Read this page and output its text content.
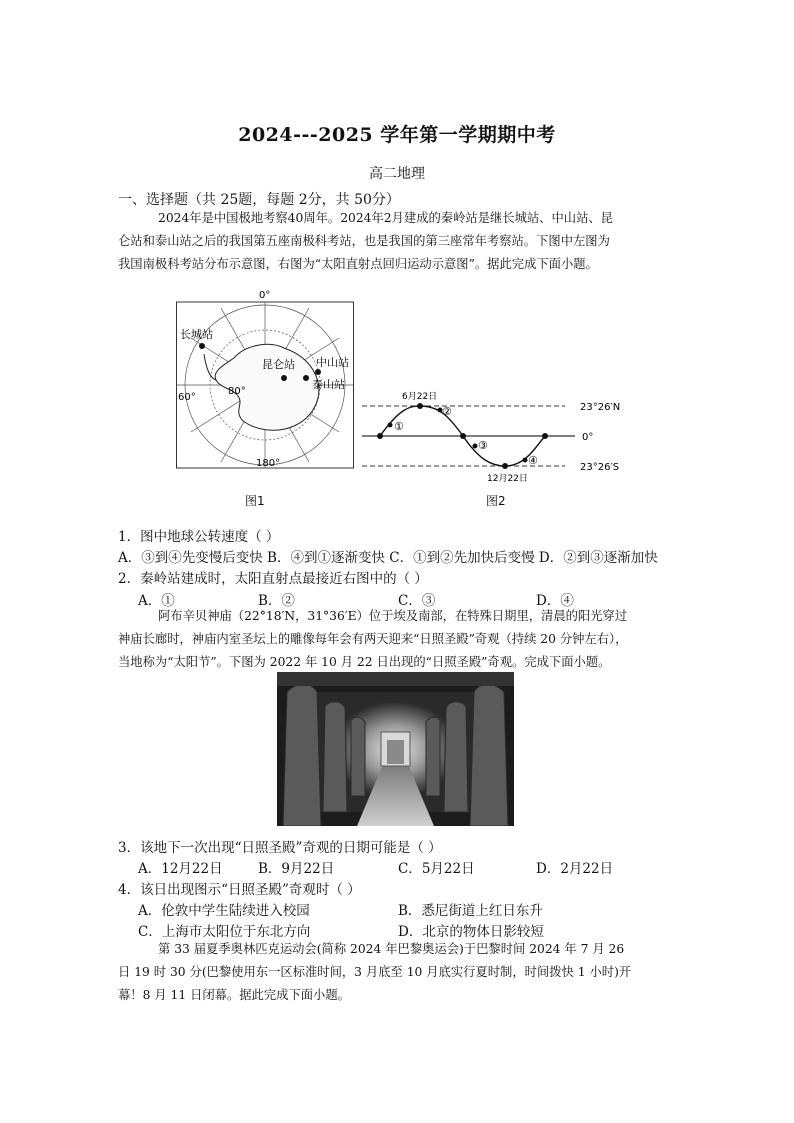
2024---2025 学年第一学期期中考
高二地理
一、选择题（共 25题，每题 2分，共 50分）
2024年是中国极地考察40周年。2024年2月建成的秦岭站是继长城站、中山站、昆
仑站和泰山站之后的我国第五座南极科考站，也是我国的第三座常年考察站。下图中左图为
我国南极科考站分布示意图，右图为“太阳直射点回归运动示意图”。据此完成下面小题。
0°
80°
60°
180°
长城站
昆仑站 中山站
泰山站
图1
6月22日
12月22日
23°26′N
0°
23°26′S
①
②
③
④
图2
1．图中地球公转速度（ ）
A．③到④先变慢后变快 B．④到①逐渐变快 C．①到②先加快后变慢 D．②到③逐渐加快
2．秦岭站建成时，太阳直射点最接近右图中的（ ）
A．①	B．②	C．③	D．④
阿布辛贝神庙（22°18′N，31°36′E）位于埃及南部，在特殊日期里，清晨的阳光穿过
神庙长廊时，神庙内室圣坛上的雕像每年会有两天迎来“日照圣殿”奇观（持续 20 分钟左右），
当地称为“太阳节”。下图为 2022 年 10 月 22 日出现的“日照圣殿”奇观。完成下面小题。
3．该地下一次出现“日照圣殿”奇观的日期可能是（ ）
A．12月22日	B．9月22日	C．5月22日	D．2月22日
4．该日出现图示“日照圣殿”奇观时（ ）
A．伦敦中学生陆续进入校园	B．悉尼街道上红日东升
C．上海市太阳位于东北方向	D．北京的物体日影较短
第 33 届夏季奥林匹克运动会(简称 2024 年巴黎奥运会)于巴黎时间 2024 年 7 月 26
日 19 时 30 分(巴黎使用东一区标准时间，3 月底至 10 月底实行夏时制，时间拨快 1 小时)开
幕！8 月 11 日闭幕。据此完成下面小题。
